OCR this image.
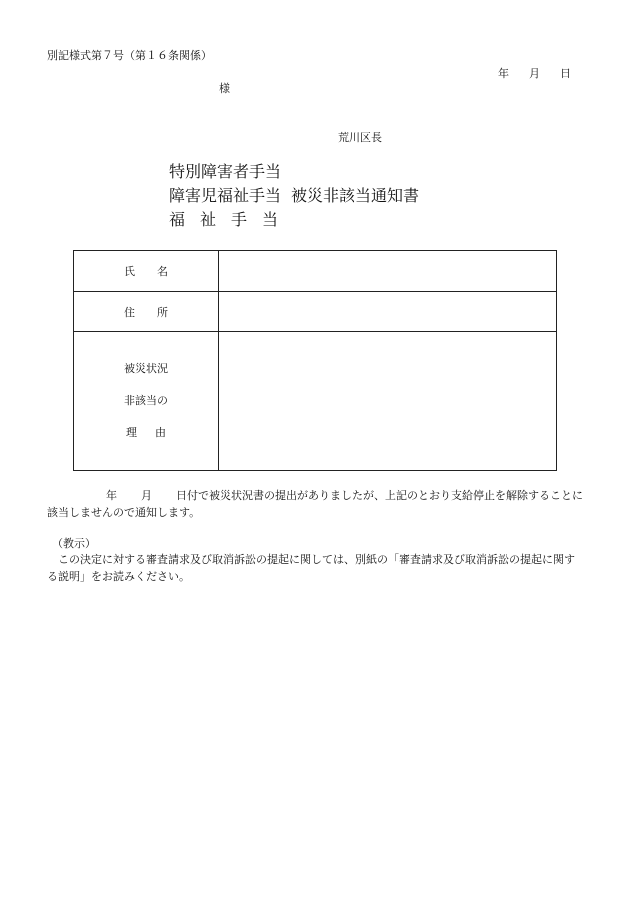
別記様式第７号（第１６条関係）
年 月 日
様
荒川区長
特別障害者手当
障害児福祉手当 被災非該当通知書
福祉手当
氏名	
住所	

被災状況
非該当の
理由	

年 月 日付で被災状況書の提出がありましたが、上記のとおり支給停止を解除することに該当しませんので通知します。
（教示）
この決定に対する審査請求及び取消訴訟の提起に関しては、別紙の「審査請求及び取消訴訟の提起に関する説明」をお読みください。
